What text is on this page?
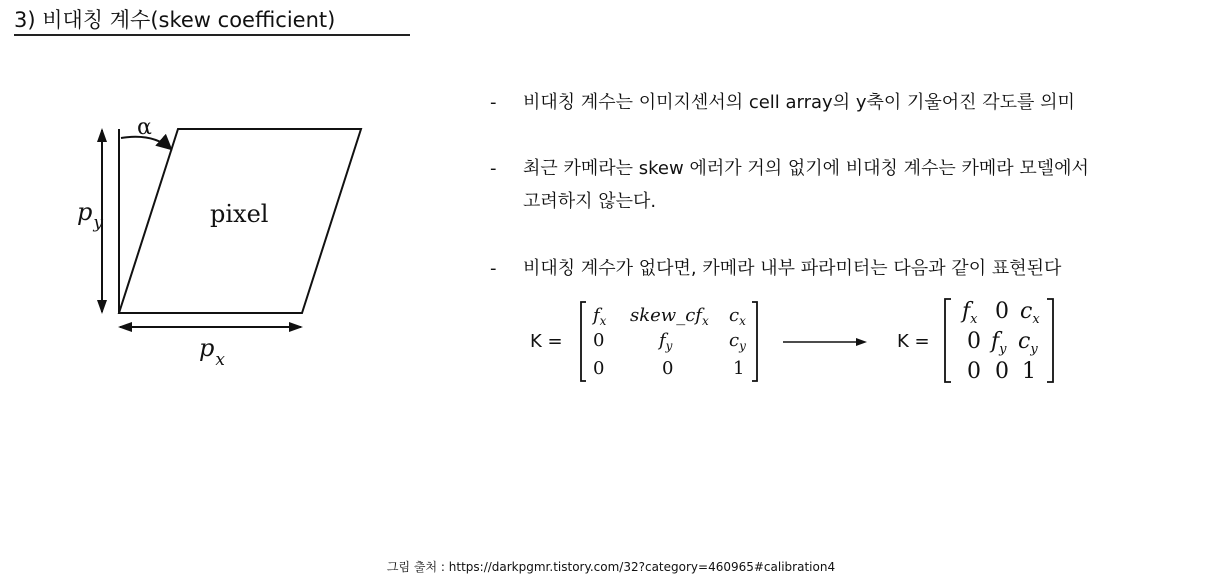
3) 비대칭 계수(skew coefficient)
α
pixel
$p_y$
$p_x$
- 비대칭 계수는 이미지센서의 cell array의 y축이 기울어진 각도를 의미
- 최근 카메라는 skew 에러가 거의 없기에 비대칭 계수는 카메라 모델에서
고려하지 않는다.
- 비대칭 계수가 없다면, 카메라 내부 파라미터는 다음과 같이 표현된다
K =
$f_x$ $skew\_cf_x$ $c_x$
0	$f_y$	$c_y$
0	0	1
K =
$f_x$ 0 $c_x$
0 $f_y$ $c_y$
0 0 1
그림 출처 : https://darkpgmr.tistory.com/32?category=460965#calibration4
